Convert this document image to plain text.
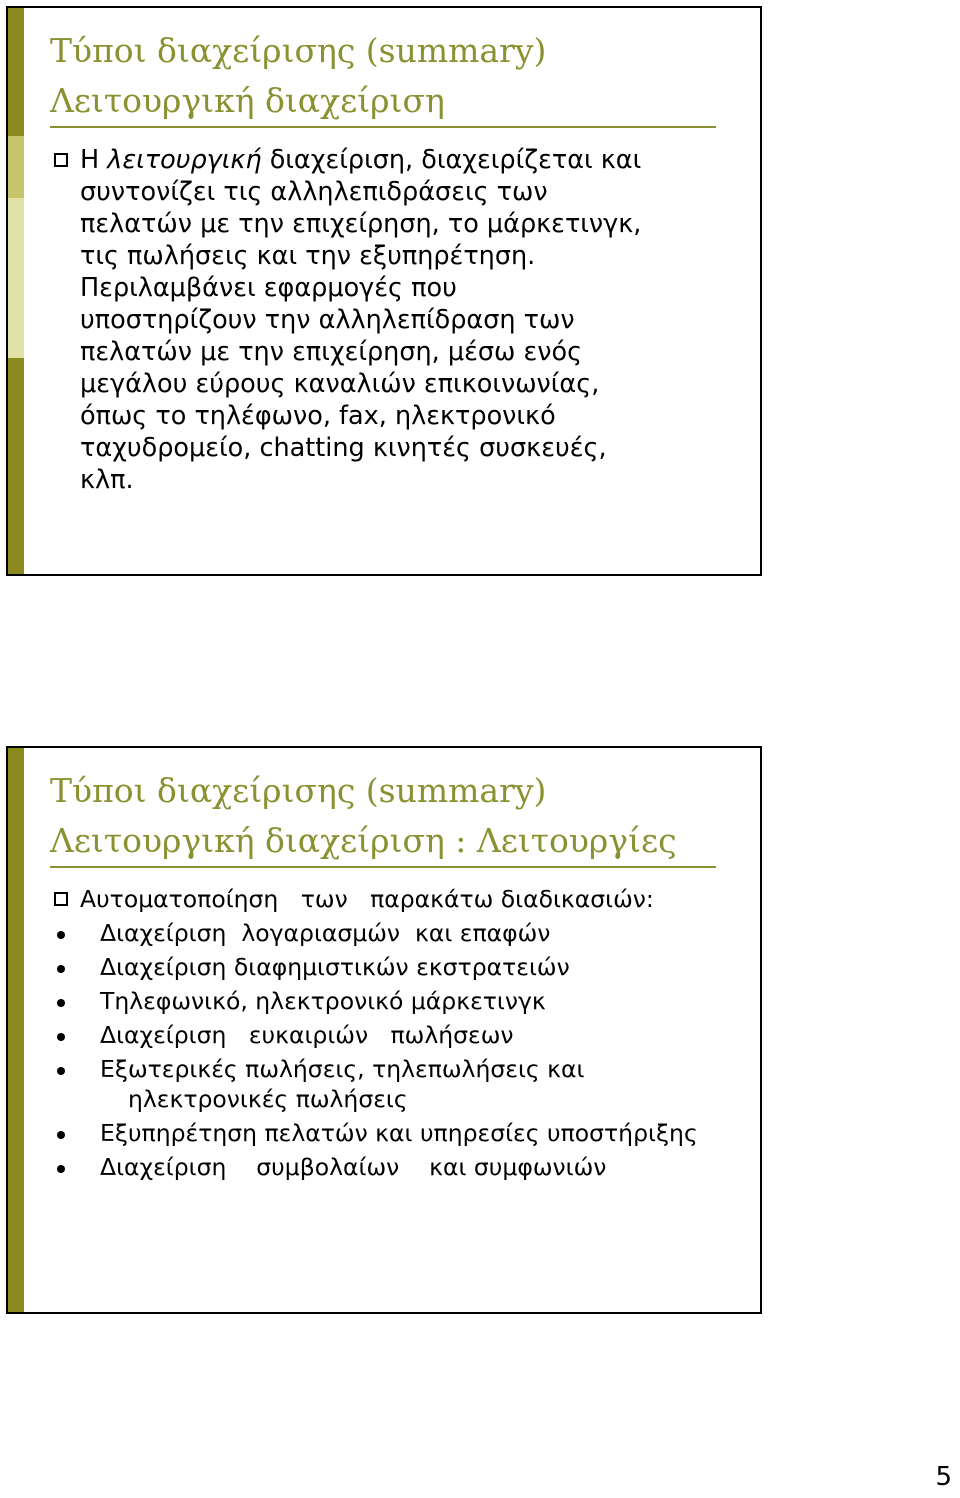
Τύποι διαχείρισης (summary)
Λειτουργική διαχείριση
Η λειτουργική διαχείριση, διαχειρίζεται και
συντονίζει τις αλληλεπιδράσεις των
πελατών με την επιχείρηση, το μάρκετινγκ,
τις πωλήσεις και την εξυπηρέτηση.
Περιλαμβάνει εφαρμογές που
υποστηρίζουν την αλληλεπίδραση των
πελατών με την επιχείρηση, μέσω ενός
μεγάλου εύρους καναλιών επικοινωνίας,
όπως το τηλέφωνο, fax, ηλεκτρονικό
ταχυδρομείο, chatting κινητές συσκευές,
κλπ.
Τύποι διαχείρισης (summary)
Λειτουργική διαχείριση : Λειτουργίες
Αυτοματοποίηση   των   παρακάτω διαδικασιών:
Διαχείριση  λογαριασμών  και επαφών
Διαχείριση διαφημιστικών εκστρατειών
Τηλεφωνικό, ηλεκτρονικό μάρκετινγκ
Διαχείριση   ευκαιριών   πωλήσεων
Εξωτερικές πωλήσεις, τηλεπωλήσεις και
ηλεκτρονικές πωλήσεις
Εξυπηρέτηση πελατών και υπηρεσίες υποστήριξης
Διαχείριση    συμβολαίων    και συμφωνιών
5
